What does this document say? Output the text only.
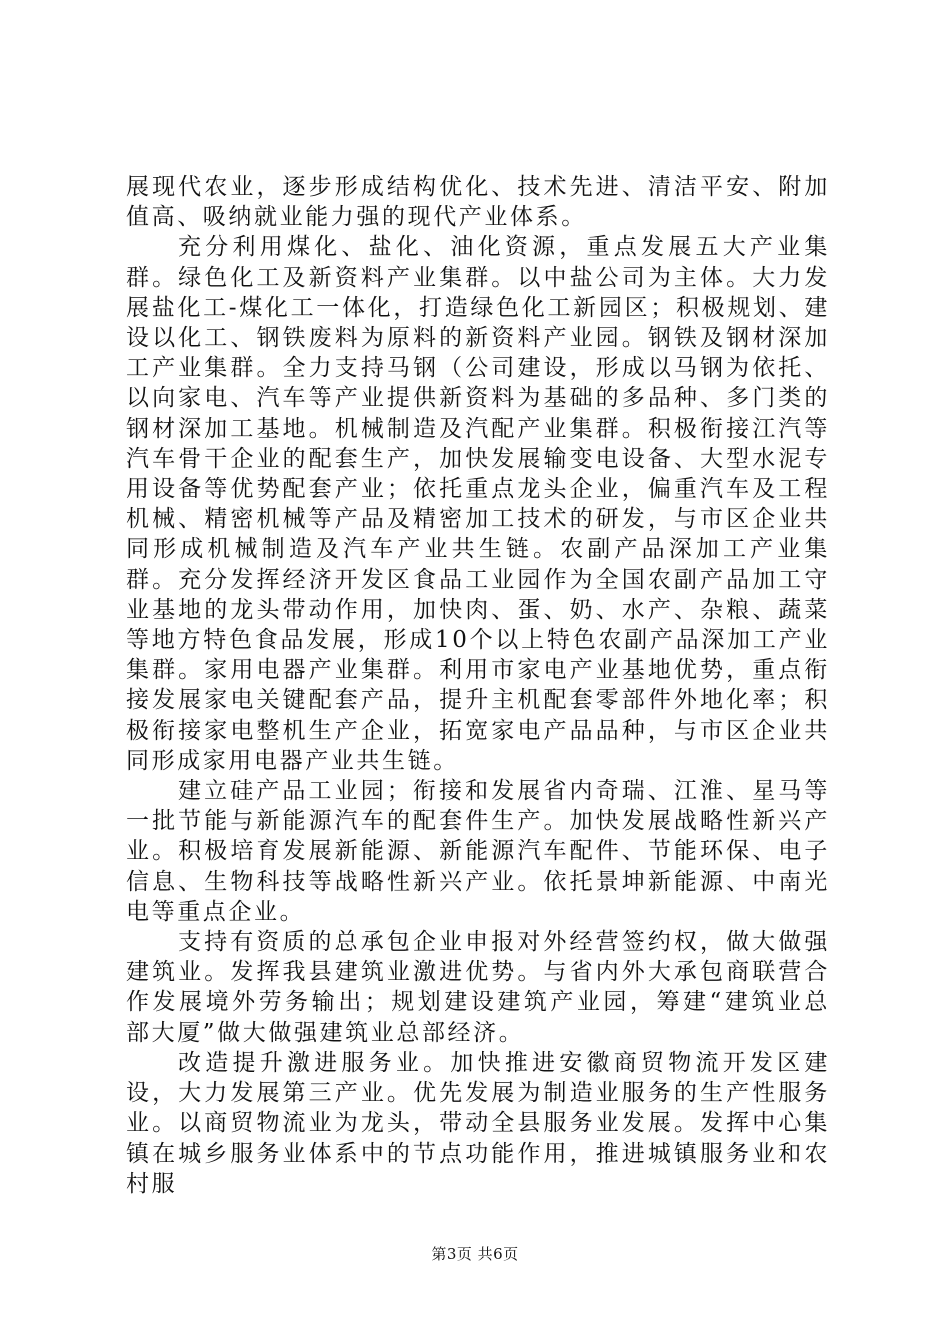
展现代农业，逐步形成结构优化、技术先进、清洁平安、附加值高、吸纳就业能力强的现代产业体系。

充分利用煤化、盐化、油化资源，重点发展五大产业集群。绿色化工及新资料产业集群。以中盐公司为主体。大力发展盐化工-煤化工一体化，打造绿色化工新园区；积极规划、建设以化工、钢铁废料为原料的新资料产业园。钢铁及钢材深加工产业集群。全力支持马钢（公司建设，形成以马钢为依托、以向家电、汽车等产业提供新资料为基础的多品种、多门类的钢材深加工基地。机械制造及汽配产业集群。积极衔接江汽等汽车骨干企业的配套生产，加快发展输变电设备、大型水泥专用设备等优势配套产业；依托重点龙头企业，偏重汽车及工程机械、精密机械等产品及精密加工技术的研发，与市区企业共同形成机械制造及汽车产业共生链。农副产品深加工产业集群。充分发挥经济开发区食品工业园作为全国农副产品加工守业基地的龙头带动作用，加快肉、蛋、奶、水产、杂粮、蔬菜等地方特色食品发展，形成10个以上特色农副产品深加工产业集群。家用电器产业集群。利用市家电产业基地优势，重点衔接发展家电关键配套产品，提升主机配套零部件外地化率；积极衔接家电整机生产企业，拓宽家电产品品种，与市区企业共同形成家用电器产业共生链。

建立硅产品工业园；衔接和发展省内奇瑞、江淮、星马等一批节能与新能源汽车的配套件生产。加快发展战略性新兴产业。积极培育发展新能源、新能源汽车配件、节能环保、电子信息、生物科技等战略性新兴产业。依托景坤新能源、中南光电等重点企业。

支持有资质的总承包企业申报对外经营签约权，做大做强建筑业。发挥我县建筑业激进优势。与省内外大承包商联营合作发展境外劳务输出；规划建设建筑产业园，筹建“建筑业总部大厦”做大做强建筑业总部经济。

改造提升激进服务业。加快推进安徽商贸物流开发区建设，大力发展第三产业。优先发展为制造业服务的生产性服务业。以商贸物流业为龙头，带动全县服务业发展。发挥中心集镇在城乡服务业体系中的节点功能作用，推进城镇服务业和农村服

第3页 共6页
